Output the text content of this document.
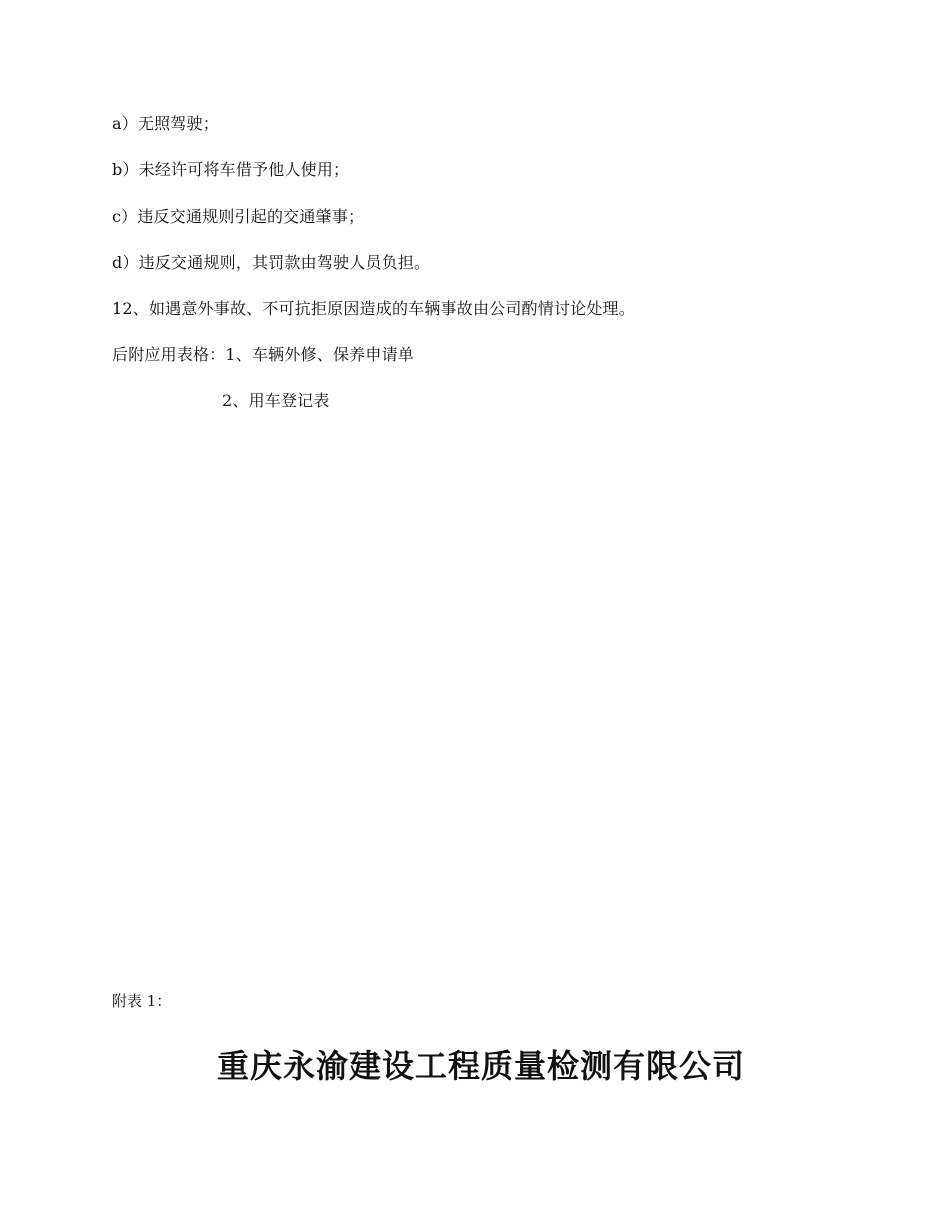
a）无照驾驶；
b）未经许可将车借予他人使用；
c）违反交通规则引起的交通肇事；
d）违反交通规则，其罚款由驾驶人员负担。
12、如遇意外事故、不可抗拒原因造成的车辆事故由公司酌情讨论处理。
后附应用表格：1、车辆外修、保养申请单
2、用车登记表
附表 1：
重庆永渝建设工程质量检测有限公司
